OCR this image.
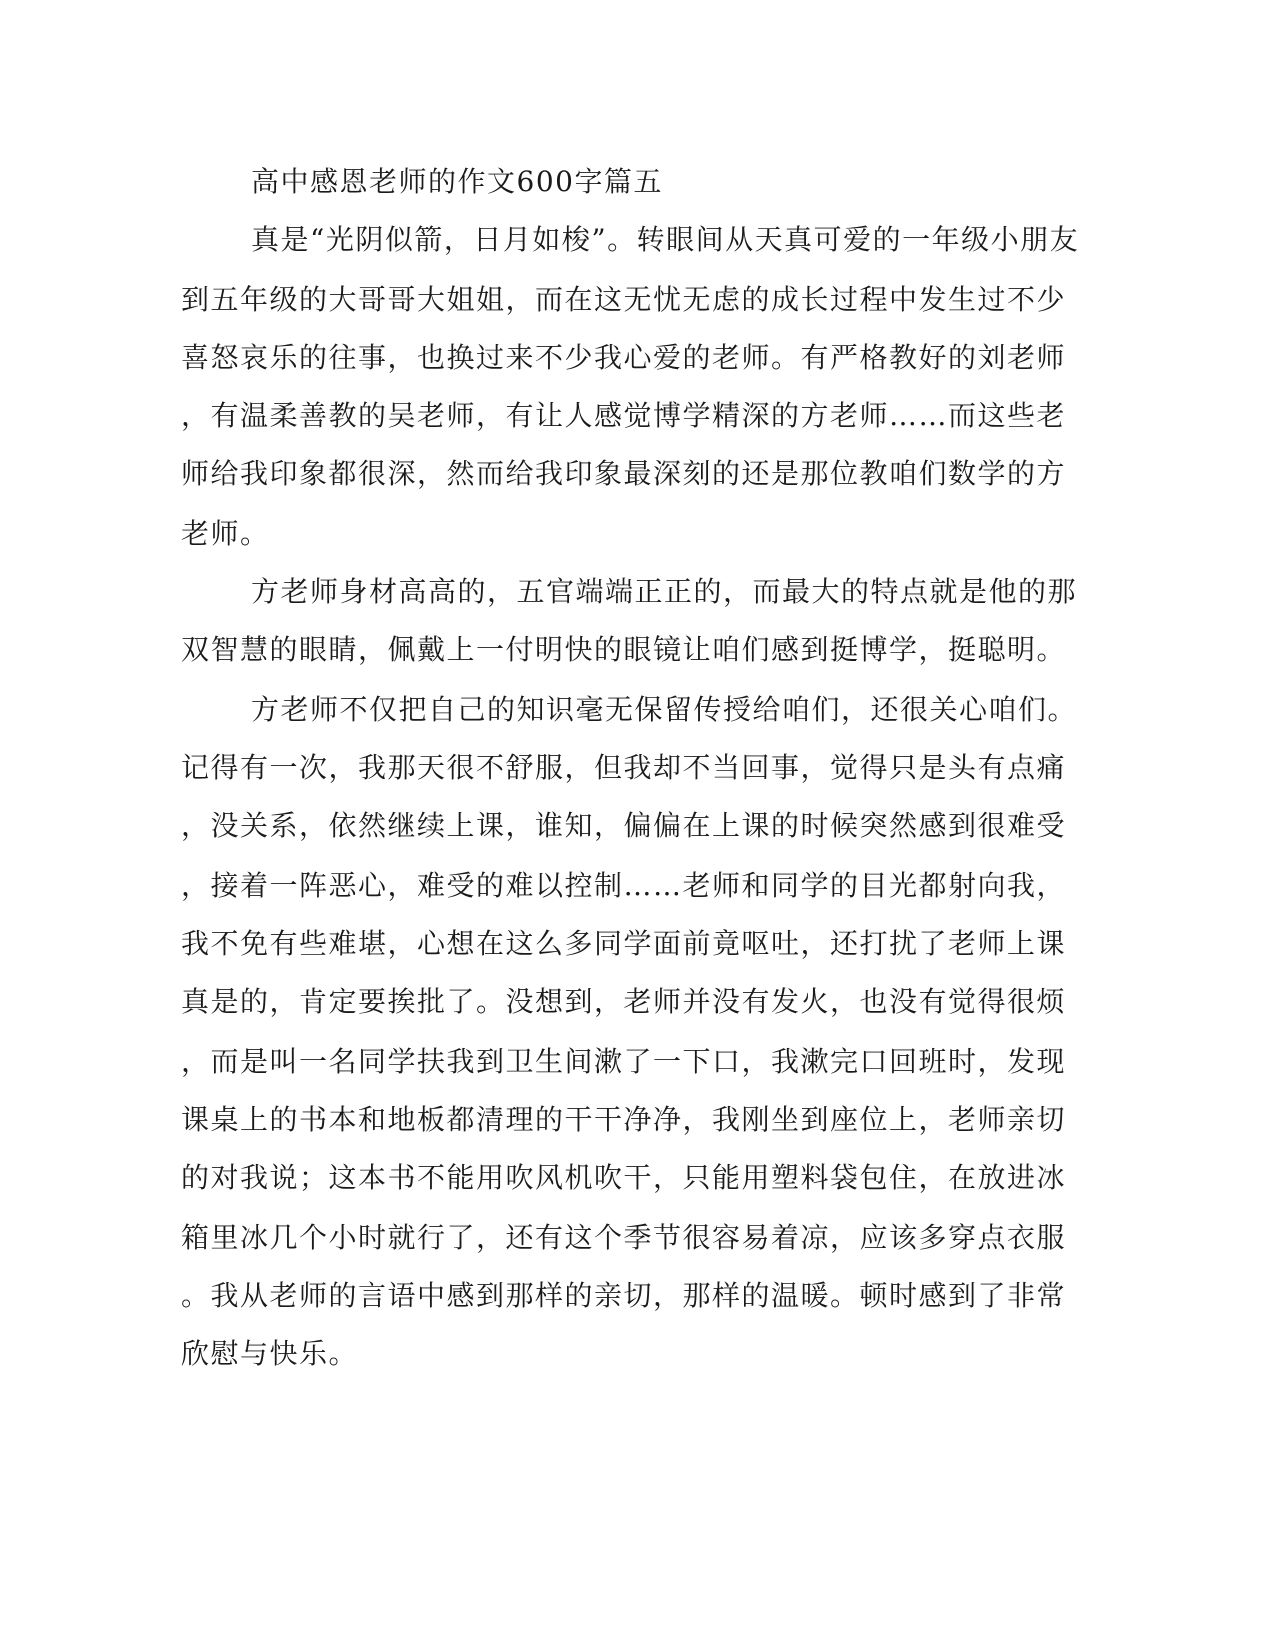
高中感恩老师的作文600字篇五
真是“光阴似箭，日月如梭”。转眼间从天真可爱的一年级小朋友
到五年级的大哥哥大姐姐，而在这无忧无虑的成长过程中发生过不少
喜怒哀乐的往事，也换过来不少我心爱的老师。有严格教好的刘老师
，有温柔善教的吴老师，有让人感觉博学精深的方老师……而这些老
师给我印象都很深，然而给我印象最深刻的还是那位教咱们数学的方
老师。
方老师身材高高的，五官端端正正的，而最大的特点就是他的那
双智慧的眼睛，佩戴上一付明快的眼镜让咱们感到挺博学，挺聪明。
方老师不仅把自己的知识毫无保留传授给咱们，还很关心咱们。
记得有一次，我那天很不舒服，但我却不当回事，觉得只是头有点痛
，没关系，依然继续上课，谁知，偏偏在上课的时候突然感到很难受
，接着一阵恶心，难受的难以控制……老师和同学的目光都射向我，
我不免有些难堪，心想在这么多同学面前竟呕吐，还打扰了老师上课
真是的，肯定要挨批了。没想到，老师并没有发火，也没有觉得很烦
，而是叫一名同学扶我到卫生间漱了一下口，我漱完口回班时，发现
课桌上的书本和地板都清理的干干净净，我刚坐到座位上，老师亲切
的对我说；这本书不能用吹风机吹干，只能用塑料袋包住，在放进冰
箱里冰几个小时就行了，还有这个季节很容易着凉，应该多穿点衣服
。我从老师的言语中感到那样的亲切，那样的温暖。顿时感到了非常
欣慰与快乐。
